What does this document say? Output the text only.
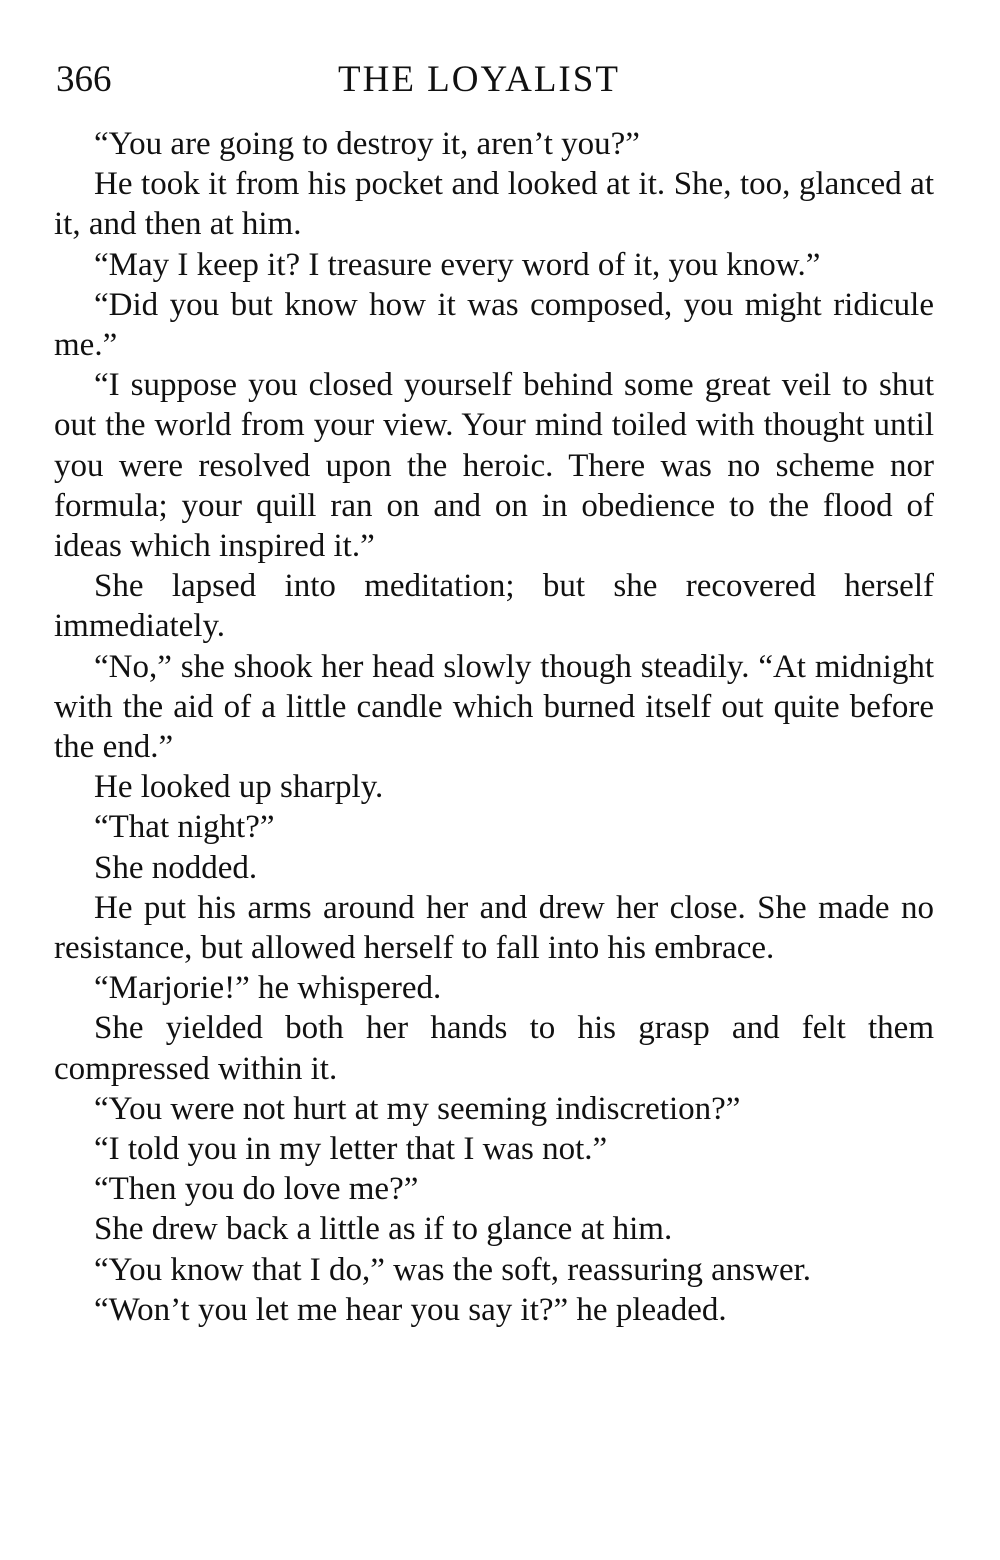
366	THE LOYALIST

“You are going to destroy it, aren’t you?”

He took it from his pocket and looked at it. She, too, glanced at it, and then at him.

“May I keep it? I treasure every word of it, you know.”

“Did you but know how it was composed, you might ridicule me.”

“I suppose you closed yourself behind some great veil to shut out the world from your view. Your mind toiled with thought until you were resolved upon the heroic. There was no scheme nor formula; your quill ran on and on in obedience to the flood of ideas which inspired it.”

She lapsed into meditation; but she recovered herself immediately.

“No,” she shook her head slowly though steadily. “At midnight with the aid of a little candle which burned itself out quite before the end.”

He looked up sharply.

“That night?”

She nodded.

He put his arms around her and drew her close. She made no resistance, but allowed herself to fall into his embrace.

“Marjorie!” he whispered.

She yielded both her hands to his grasp and felt them compressed within it.

“You were not hurt at my seeming indiscretion?”

“I told you in my letter that I was not.”

“Then you do love me?”

She drew back a little as if to glance at him.

“You know that I do,” was the soft, reassuring answer.

“Won’t you let me hear you say it?” he pleaded.
